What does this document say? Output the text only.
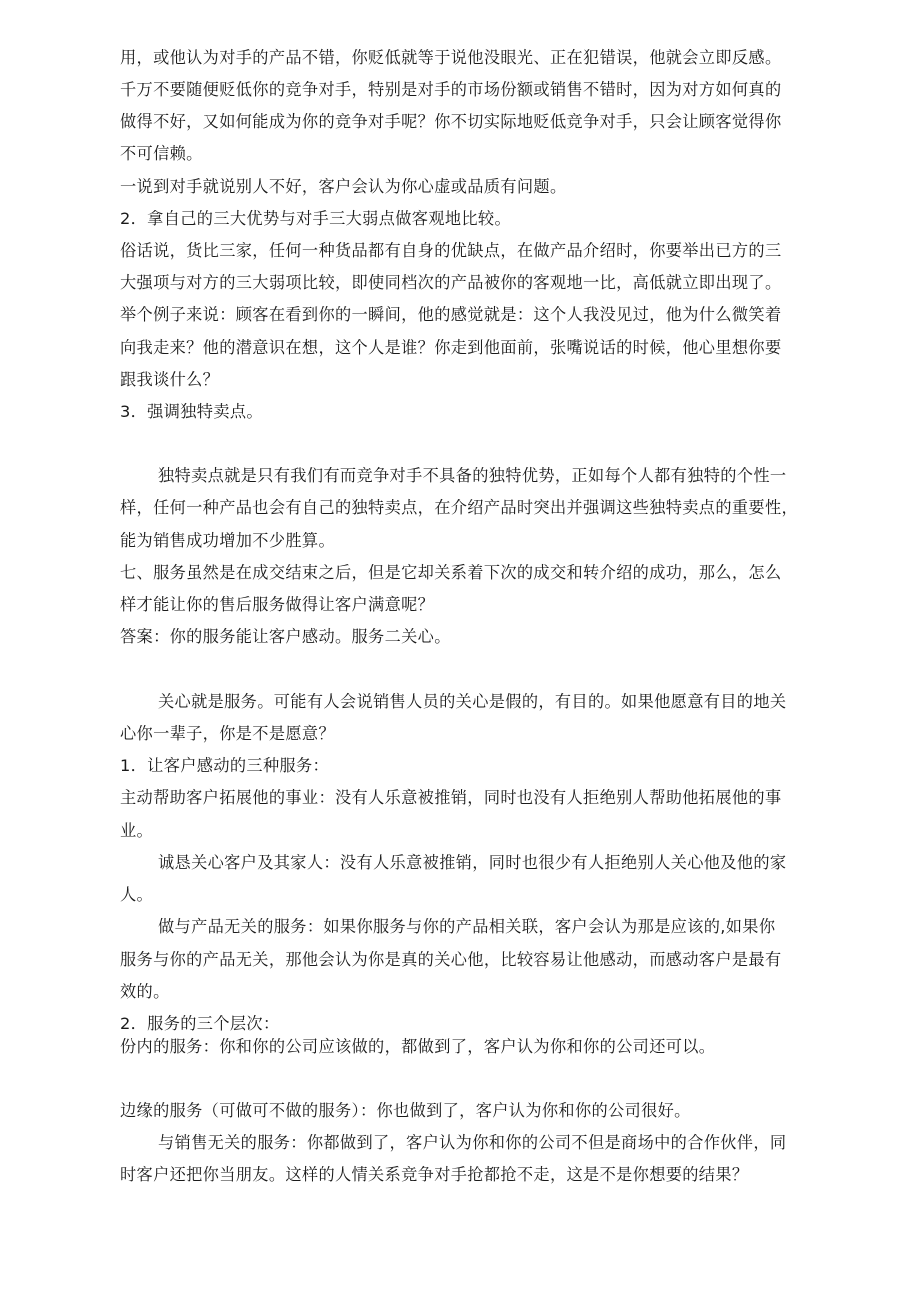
用，或他认为对手的产品不错，你贬低就等于说他没眼光、正在犯错误，他就会立即反感。
千万不要随便贬低你的竞争对手，特别是对手的市场份额或销售不错时，因为对方如何真的
做得不好，又如何能成为你的竞争对手呢？你不切实际地贬低竞争对手，只会让顾客觉得你
不可信赖。
一说到对手就说别人不好，客户会认为你心虚或品质有问题。
2．拿自己的三大优势与对手三大弱点做客观地比较。
俗话说，货比三家，任何一种货品都有自身的优缺点，在做产品介绍时，你要举出已方的三
大强项与对方的三大弱项比较，即使同档次的产品被你的客观地一比，高低就立即出现了。
举个例子来说：顾客在看到你的一瞬间，他的感觉就是：这个人我没见过，他为什么微笑着
向我走来？他的潜意识在想，这个人是谁？你走到他面前，张嘴说话的时候，他心里想你要
跟我谈什么？
3．强调独特卖点。
独特卖点就是只有我们有而竞争对手不具备的独特优势，正如每个人都有独特的个性一
样，任何一种产品也会有自己的独特卖点，在介绍产品时突出并强调这些独特卖点的重要性，
能为销售成功增加不少胜算。
七、服务虽然是在成交结束之后，但是它却关系着下次的成交和转介绍的成功，那么，怎么
样才能让你的售后服务做得让客户满意呢？
答案：你的服务能让客户感动。服务二关心。
关心就是服务。可能有人会说销售人员的关心是假的，有目的。如果他愿意有目的地关
心你一辈子，你是不是愿意？
1．让客户感动的三种服务：
主动帮助客户拓展他的事业：没有人乐意被推销，同时也没有人拒绝别人帮助他拓展他的事
业。
诚恳关心客户及其家人：没有人乐意被推销，同时也很少有人拒绝别人关心他及他的家
人。
做与产品无关的服务：如果你服务与你的产品相关联，客户会认为那是应该的,如果你
服务与你的产品无关，那他会认为你是真的关心他，比较容易让他感动，而感动客户是最有
效的。
2．服务的三个层次：
份内的服务：你和你的公司应该做的，都做到了，客户认为你和你的公司还可以。
边缘的服务（可做可不做的服务）：你也做到了，客户认为你和你的公司很好。
与销售无关的服务：你都做到了，客户认为你和你的公司不但是商场中的合作伙伴，同
时客户还把你当朋友。这样的人情关系竞争对手抢都抢不走，这是不是你想要的结果？
